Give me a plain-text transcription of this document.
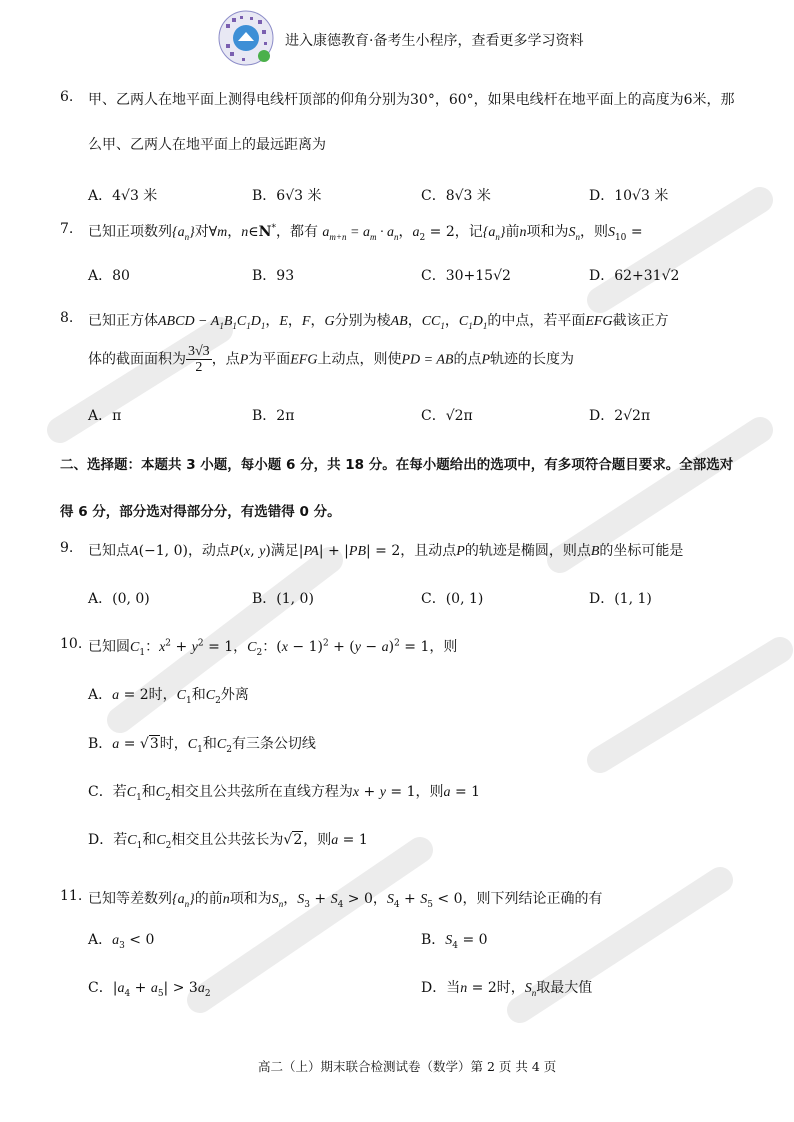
进入康德教育·备考生小程序，查看更多学习资料
6. 甲、乙两人在地平面上测得电线杆顶部的仰角分别为30°，60°，如果电线杆在地平面上的高度为6米，那
么甲、乙两人在地平面上的最远距离为
A．4√3 米	B．6√3 米	C．8√3 米	D．10√3 米
7. 已知正项数列$\{a_n\}$对∀m，n∈N*，都有 $a_{m+n} = a_m \cdot a_n$，$a_2 = 2$，记$\{a_n\}$前n项和为$S_n$，则$S_{10}$ =
A．80	B．93	C．30+15√2	D．62+31√2
8. 已知正方体ABCD − $A_1B_1C_1D_1$，E，F，G分别为棱AB，$CC_1$，$C_1D_1$的中点，若平面EFG截该正方
体的截面面积为 $\frac{3√3}{2}$ ，点P为平面EFG上动点，则使PD = AB的点P轨迹的长度为
A．π	B．2π	C．√2π	D．2√2π
二、选择题：本题共 3 小题，每小题 6 分，共 18 分。在每小题给出的选项中，有多项符合题目要求。全部选对
得 6 分，部分选对得部分分，有选错得 0 分。
9. 已知点A(−1, 0)，动点P(x, y)满足|PA| + |PB| = 2，且动点P的轨迹是椭圆，则点B的坐标可能是
A．(0, 0)	B．(1, 0)	C．(0, 1)	D．(1, 1)
10. 已知圆$C_1$：$x^2 + y^2 = 1$，$C_2$：$(x - 1)^2 + (y - a)^2 = 1$，则
A．a = 2时，$C_1$和$C_2$外离
B．a = √3时，$C_1$和$C_2$有三条公切线
C．若$C_1$和$C_2$相交且公共弦所在直线方程为x + y = 1，则a = 1
D．若$C_1$和$C_2$相交且公共弦长为√2，则a = 1
11. 已知等差数列$\{a_n\}$的前n项和为$S_n$，$S_3 + S_4 > 0$，$S_4 + S_5 < 0$，则下列结论正确的有
A．$a_3 < 0$	B．$S_4 = 0$
C．$|a_4 + a_5| > 3a_2$	D．当n = 2时，$S_n$取最大值
高二（上）期末联合检测试卷（数学）第 2 页 共 4 页
